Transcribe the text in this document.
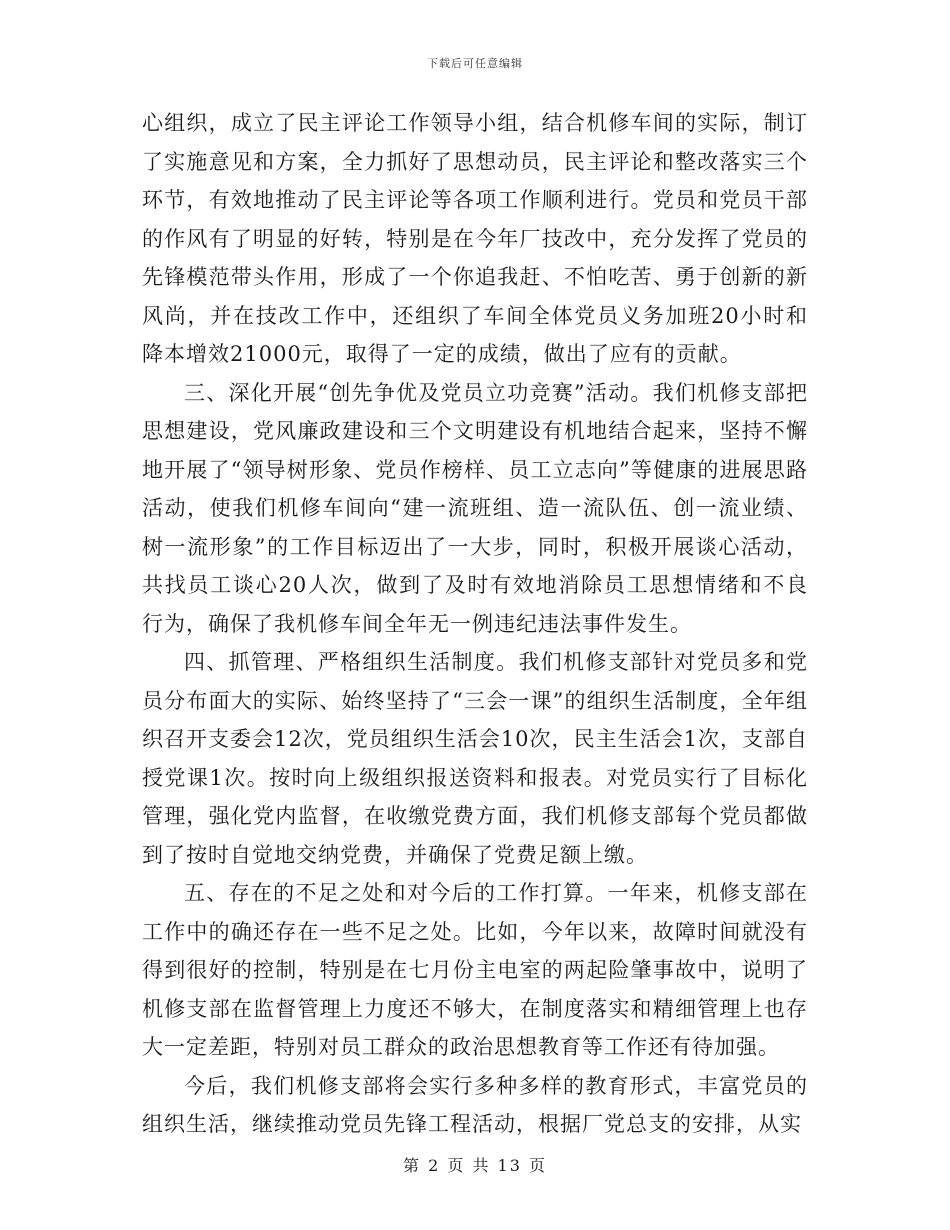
下载后可任意编辑

心组织，成立了民主评论工作领导小组，结合机修车间的实际，制订了实施意见和方案，全力抓好了思想动员，民主评论和整改落实三个环节，有效地推动了民主评论等各项工作顺利进行。党员和党员干部的作风有了明显的好转，特别是在今年厂技改中，充分发挥了党员的先锋模范带头作用，形成了一个你追我赶、不怕吃苦、勇于创新的新风尚，并在技改工作中，还组织了车间全体党员义务加班20小时和降本增效21000元，取得了一定的成绩，做出了应有的贡献。

三、深化开展“创先争优及党员立功竞赛”活动。我们机修支部把思想建设，党风廉政建设和三个文明建设有机地结合起来，坚持不懈地开展了“领导树形象、党员作榜样、员工立志向”等健康的进展思路活动，使我们机修车间向“建一流班组、造一流队伍、创一流业绩、树一流形象”的工作目标迈出了一大步，同时，积极开展谈心活动，共找员工谈心20人次，做到了及时有效地消除员工思想情绪和不良行为，确保了我机修车间全年无一例违纪违法事件发生。

四、抓管理、严格组织生活制度。我们机修支部针对党员多和党员分布面大的实际、始终坚持了“三会一课”的组织生活制度，全年组织召开支委会12次，党员组织生活会10次，民主生活会1次，支部自授党课1次。按时向上级组织报送资料和报表。对党员实行了目标化管理，强化党内监督，在收缴党费方面，我们机修支部每个党员都做到了按时自觉地交纳党费，并确保了党费足额上缴。

五、存在的不足之处和对今后的工作打算。一年来，机修支部在工作中的确还存在一些不足之处。比如，今年以来，故障时间就没有得到很好的控制，特别是在七月份主电室的两起险肇事故中，说明了机修支部在监督管理上力度还不够大，在制度落实和精细管理上也存大一定差距，特别对员工群众的政治思想教育等工作还有待加强。

今后，我们机修支部将会实行多种多样的教育形式，丰富党员的组织生活，继续推动党员先锋工程活动，根据厂党总支的安排，从实

第 2 页 共 13 页
